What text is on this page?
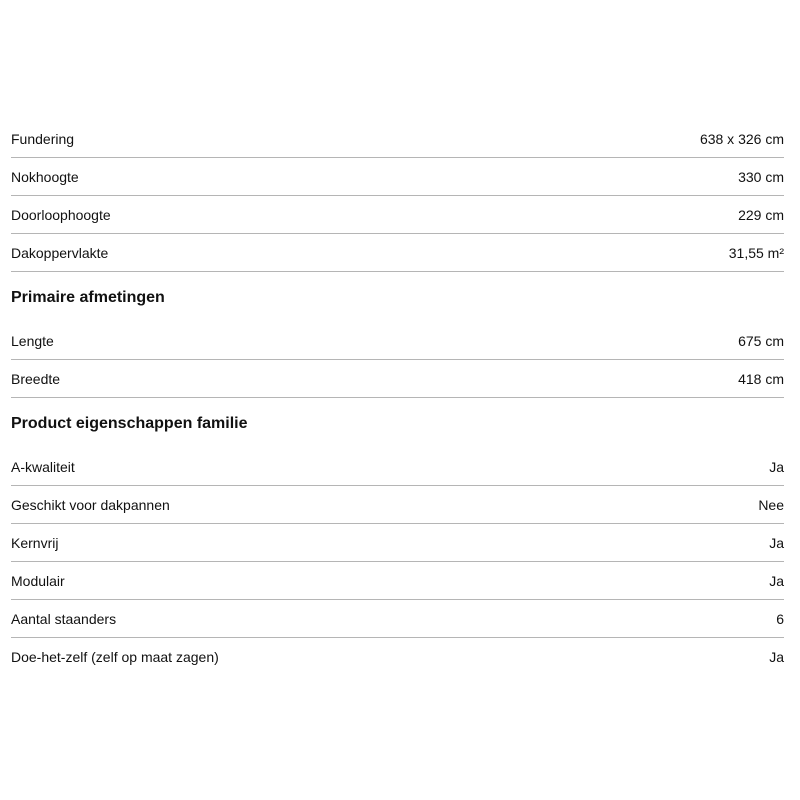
Fundering	638 x 326 cm
Nokhoogte	330 cm
Doorloophoogte	229 cm
Dakoppervlakte	31,55 m²
Primaire afmetingen
Lengte	675 cm
Breedte	418 cm
Product eigenschappen familie
A-kwaliteit	Ja
Geschikt voor dakpannen	Nee
Kernvrij	Ja
Modulair	Ja
Aantal staanders	6
Doe-het-zelf (zelf op maat zagen)	Ja
